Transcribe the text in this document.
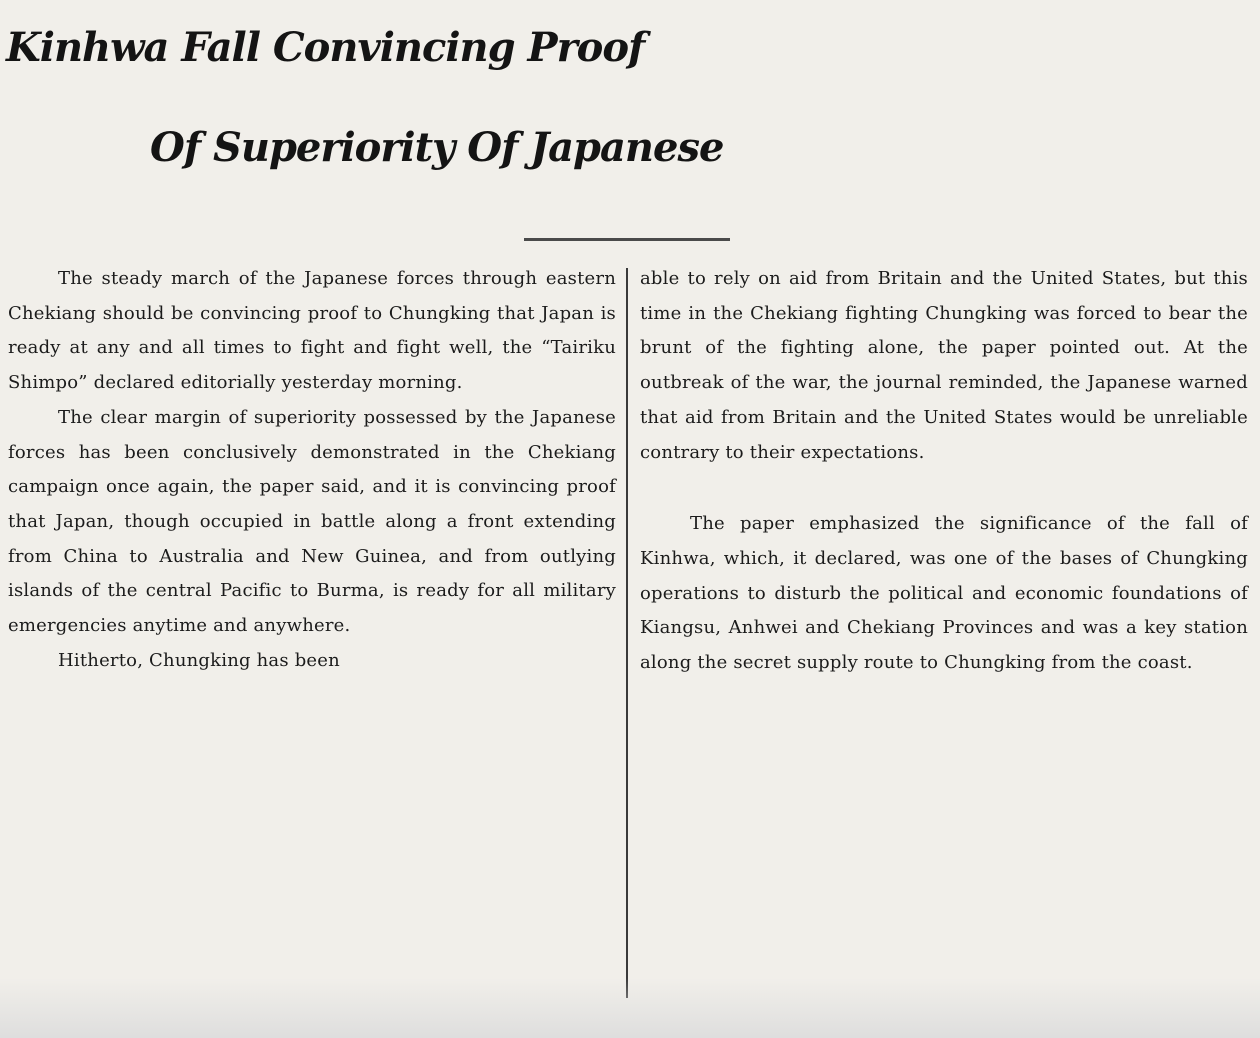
Kinhwa Fall Convincing Proof
Of Superiority Of Japanese

The steady march of the Japanese forces through eastern Chekiang should be convincing proof to Chungking that Japan is ready at any and all times to fight and fight well, the “Tairiku Shimpo” declared editorially yesterday morning.

The clear margin of superiority possessed by the Japanese forces has been conclusively demonstrated in the Chekiang campaign once again, the paper said, and it is convincing proof that Japan, though occupied in battle along a front extending from China to Australia and New Guinea, and from outlying islands of the central Pacific to Burma, is ready for all military emergencies anytime and anywhere.

Hitherto, Chungking has been

able to rely on aid from Britain and the United States, but this time in the Chekiang fighting Chungking was forced to bear the brunt of the fighting alone, the paper pointed out. At the outbreak of the war, the journal reminded, the Japanese warned that aid from Britain and the United States would be unreliable contrary to their expectations.

The paper emphasized the significance of the fall of Kinhwa, which, it declared, was one of the bases of Chungking operations to disturb the political and economic foundations of Kiangsu, Anhwei and Chekiang Provinces and was a key station along the secret supply route to Chungking from the coast.
